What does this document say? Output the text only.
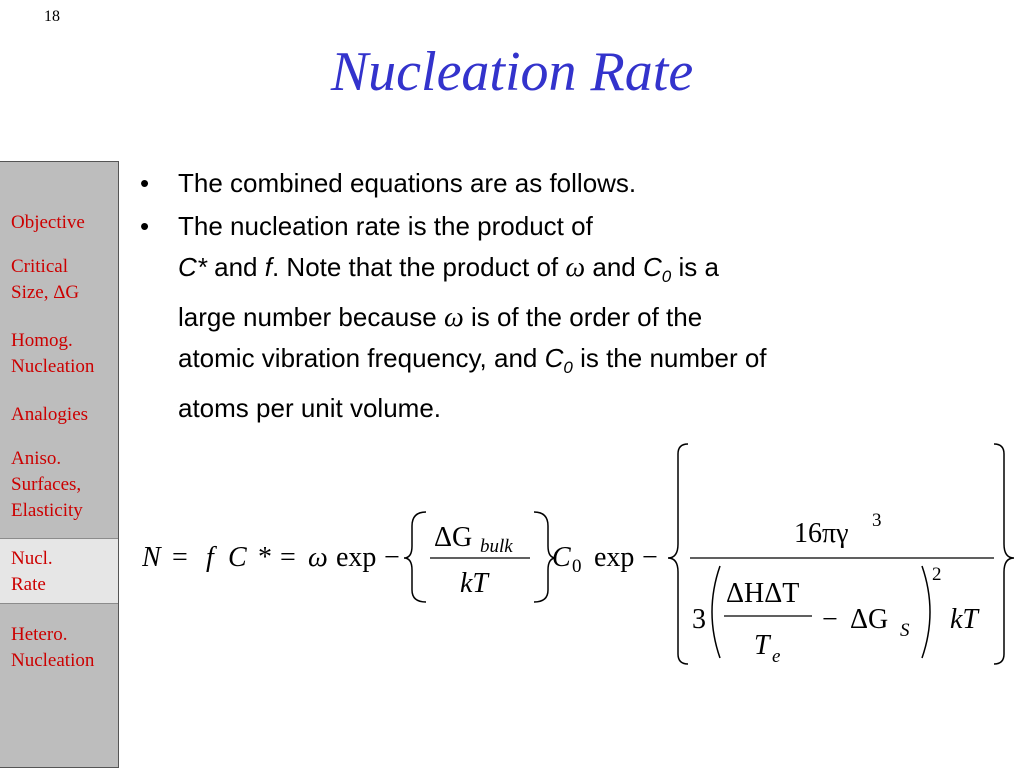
18
Nucleation Rate
Objective
Critical
Size, ΔG
Homog.
Nucleation
Analogies
Aniso.
Surfaces,
Elasticity
Nucl.
Rate
Hetero.
Nucleation
• The combined equations are as follows.
• The nucleation rate is the product of
C* and f. Note that the product of ω and $C_0$ is a
large number because ω is of the order of the
atomic vibration frequency, and $C_0$ is the number of
atoms per unit volume.
N = f C * = ω exp −
ΔG bulk
kT
C 0 exp −
16πγ 3
3
ΔHΔT
T e
− ΔG S
2
kT
